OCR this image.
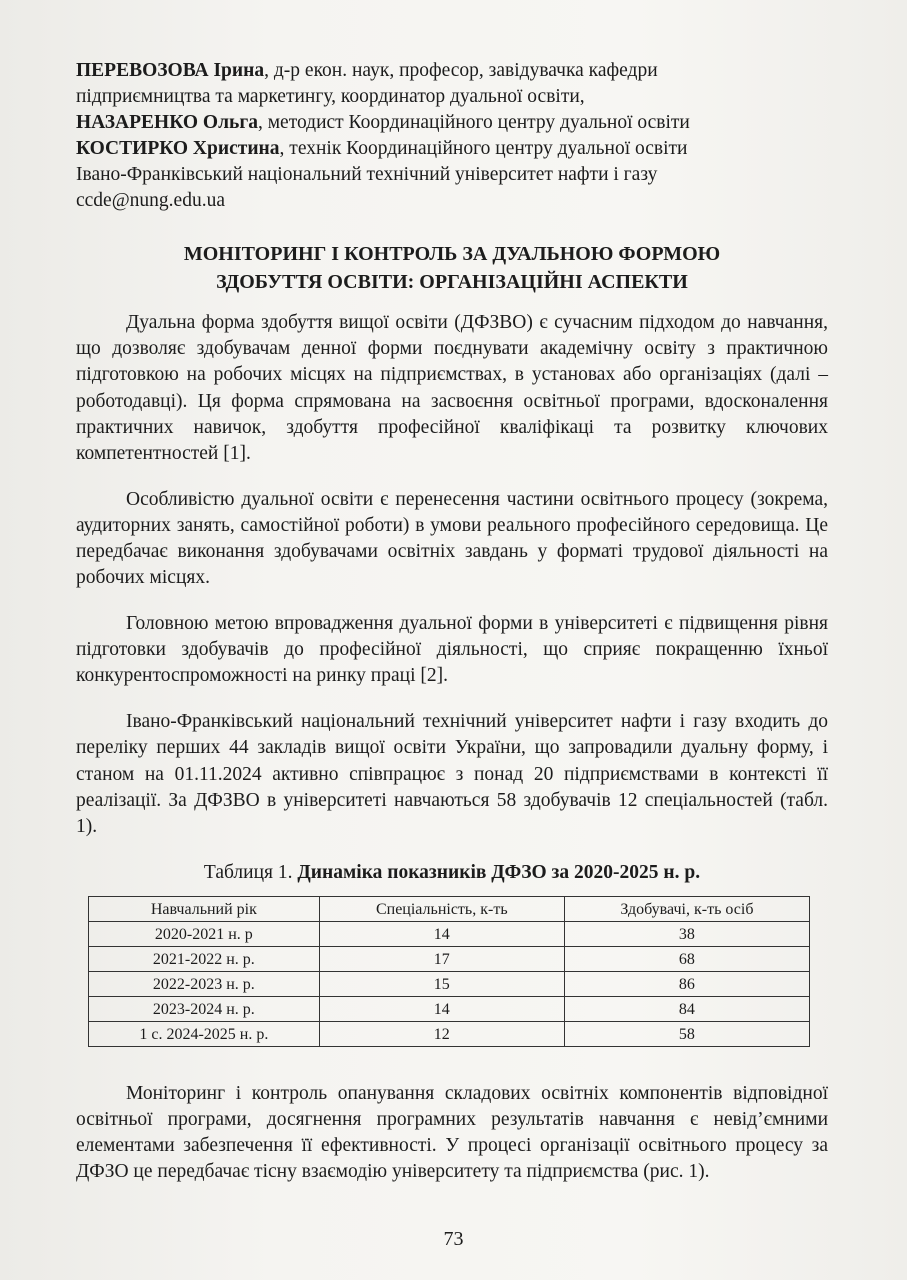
ПЕРЕВОЗОВА Ірина, д-р екон. наук, професор, завідувачка кафедри
підприємництва та маркетингу, координатор дуальної освіти,
НАЗАРЕНКО Ольга, методист Координаційного центру дуальної освіти
КОСТИРКО Христина, технік Координаційного центру дуальної освіти
Івано-Франківський національний технічний університет нафти і газу
ccde@nung.edu.ua
МОНІТОРИНГ І КОНТРОЛЬ ЗА ДУАЛЬНОЮ ФОРМОЮ
ЗДОБУТТЯ ОСВІТИ: ОРГАНІЗАЦІЙНІ АСПЕКТИ

Дуальна форма здобуття вищої освіти (ДФЗВО) є сучасним підходом до навчання, що дозволяє здобувачам денної форми поєднувати академічну освіту з практичною підготовкою на робочих місцях на підприємствах, в установах або організаціях (далі – роботодавці). Ця форма спрямована на засвоєння освітньої програми, вдосконалення практичних навичок, здобуття професійної кваліфікаці та розвитку ключових компетентностей [1].

Особливістю дуальної освіти є перенесення частини освітнього процесу (зокрема, аудиторних занять, самостійної роботи) в умови реального професійного середовища. Це передбачає виконання здобувачами освітніх завдань у форматі трудової діяльності на робочих місцях.

Головною метою впровадження дуальної форми в університеті є підвищення рівня підготовки здобувачів до професійної діяльності, що сприяє покращенню їхньої конкурентоспроможності на ринку праці [2].

Івано-Франківський національний технічний університет нафти і газу входить до переліку перших 44 закладів вищої освіти України, що запровадили дуальну форму, і станом на 01.11.2024 активно співпрацює з понад 20 підприємствами в контексті її реалізації. За ДФЗВО в університеті навчаються 58 здобувачів 12 спеціальностей (табл. 1).

Таблиця 1. Динаміка показників ДФЗО за 2020-2025 н. р.
Навчальний рік	Спеціальність, к-ть	Здобувачі, к-ть осіб
2020-2021 н. р	14	38
2021-2022 н. р.	17	68
2022-2023 н. р.	15	86
2023-2024 н. р.	14	84
1 с. 2024-2025 н. р.	12	58

Моніторинг і контроль опанування складових освітніх компонентів відповідної освітньої програми, досягнення програмних результатів навчання є невід’ємними елементами забезпечення її ефективності. У процесі організації освітнього процесу за ДФЗО це передбачає тісну взаємодію університету та підприємства (рис. 1).

73
